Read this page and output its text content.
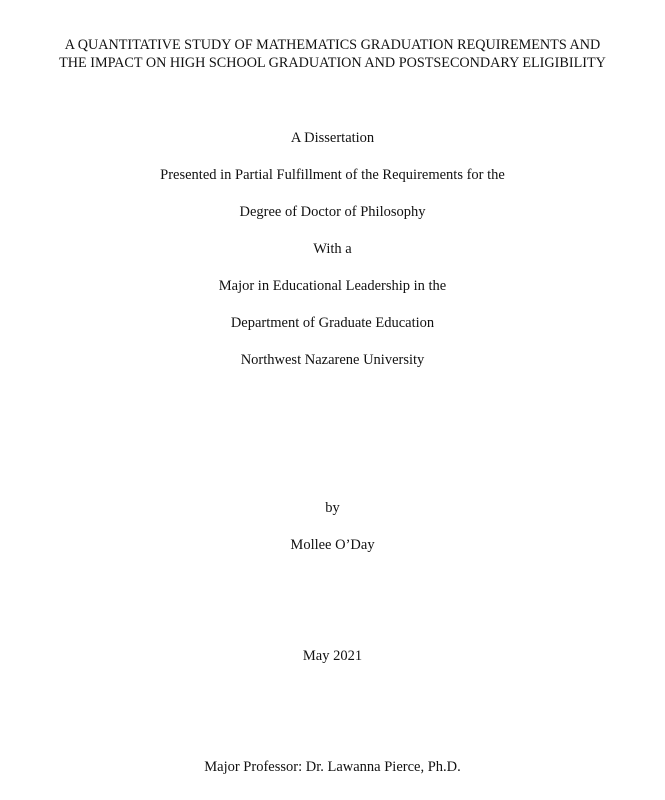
A QUANTITATIVE STUDY OF MATHEMATICS GRADUATION REQUIREMENTS AND
THE IMPACT ON HIGH SCHOOL GRADUATION AND POSTSECONDARY ELIGIBILITY
A Dissertation
Presented in Partial Fulfillment of the Requirements for the
Degree of Doctor of Philosophy
With a
Major in Educational Leadership in the
Department of Graduate Education
Northwest Nazarene University
by
Mollee O’Day
May 2021
Major Professor: Dr. Lawanna Pierce, Ph.D.
